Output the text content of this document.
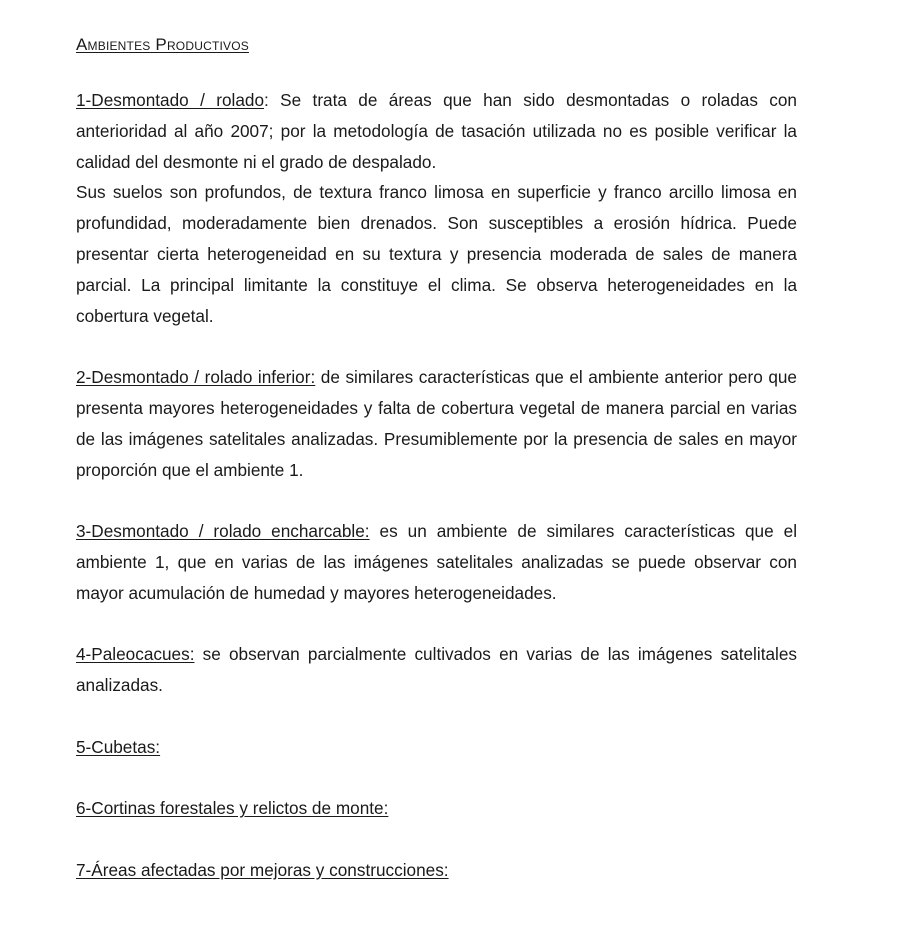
Ambientes Productivos

1-Desmontado / rolado: Se trata de áreas que han sido desmontadas o roladas con anterioridad al año 2007; por la metodología de tasación utilizada no es posible verificar la calidad del desmonte ni el grado de despalado.

Sus suelos son profundos, de textura franco limosa en superficie y franco arcillo limosa en profundidad, moderadamente bien drenados. Son susceptibles a erosión hídrica. Puede presentar cierta heterogeneidad en su textura y presencia moderada de sales de manera parcial. La principal limitante la constituye el clima. Se observa heterogeneidades en la cobertura vegetal.

2-Desmontado / rolado inferior: de similares características que el ambiente anterior pero que presenta mayores heterogeneidades y falta de cobertura vegetal de manera parcial en varias de las imágenes satelitales analizadas. Presumiblemente por la presencia de sales en mayor proporción que el ambiente 1.

3-Desmontado / rolado encharcable: es un ambiente de similares características que el ambiente 1, que en varias de las imágenes satelitales analizadas se puede observar con mayor acumulación de humedad y mayores heterogeneidades.

4-Paleocacues: se observan parcialmente cultivados en varias de las imágenes satelitales analizadas.

5-Cubetas:

6-Cortinas forestales y relictos de monte:

7-Áreas afectadas por mejoras y construcciones:
